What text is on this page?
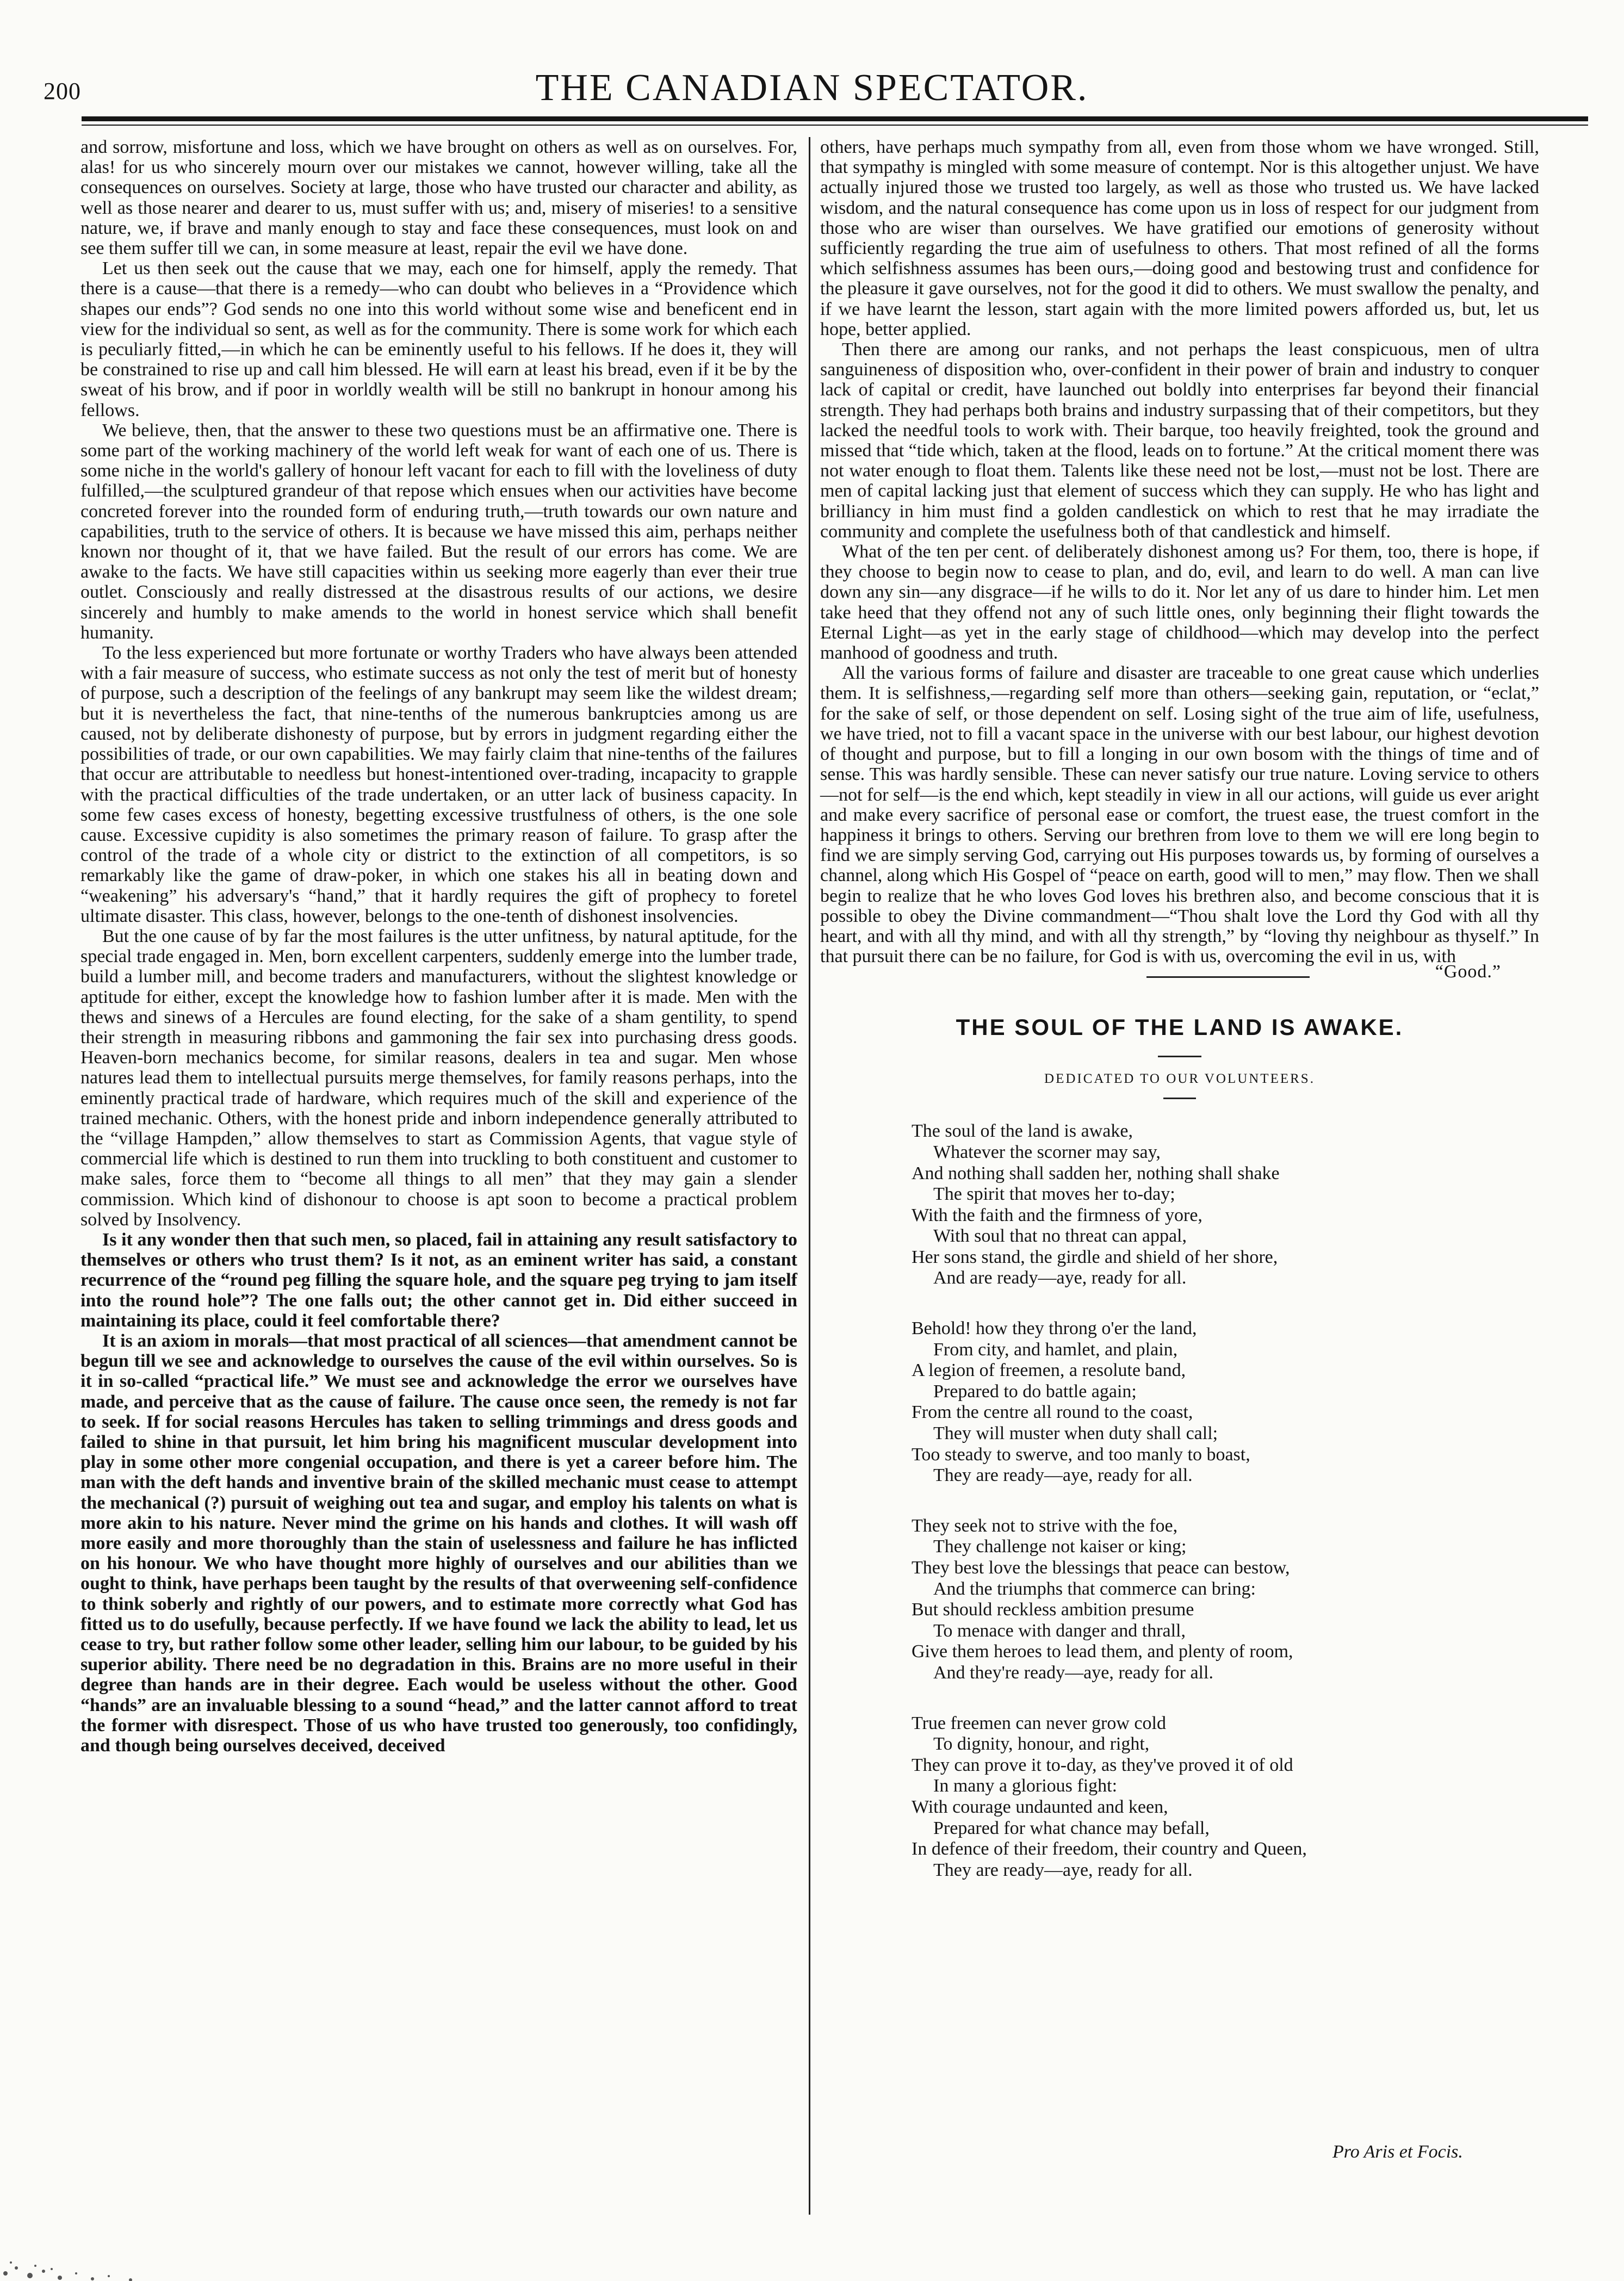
200	THE CANADIAN SPECTATOR.

and sorrow, misfortune and loss, which we have brought on others as well as on ourselves. For, alas! for us who sincerely mourn over our mistakes we cannot, however willing, take all the consequences on ourselves. Society at large, those who have trusted our character and ability, as well as those nearer and dearer to us, must suffer with us; and, misery of miseries! to a sensitive nature, we, if brave and manly enough to stay and face these consequences, must look on and see them suffer till we can, in some measure at least, repair the evil we have done.

Let us then seek out the cause that we may, each one for himself, apply the remedy. That there is a cause—that there is a remedy—who can doubt who believes in a “Providence which shapes our ends”? God sends no one into this world without some wise and beneficent end in view for the individual so sent, as well as for the community. There is some work for which each is peculiarly fitted,—in which he can be eminently useful to his fellows. If he does it, they will be constrained to rise up and call him blessed. He will earn at least his bread, even if it be by the sweat of his brow, and if poor in worldly wealth will be still no bankrupt in honour among his fellows.

We believe, then, that the answer to these two questions must be an affirmative one. There is some part of the working machinery of the world left weak for want of each one of us. There is some niche in the world's gallery of honour left vacant for each to fill with the loveliness of duty fulfilled,—the sculptured grandeur of that repose which ensues when our activities have become concreted forever into the rounded form of enduring truth,—truth towards our own nature and capabilities, truth to the service of others. It is because we have missed this aim, perhaps neither known nor thought of it, that we have failed. But the result of our errors has come. We are awake to the facts. We have still capacities within us seeking more eagerly than ever their true outlet. Consciously and really distressed at the disastrous results of our actions, we desire sincerely and humbly to make amends to the world in honest service which shall benefit humanity.

To the less experienced but more fortunate or worthy Traders who have always been attended with a fair measure of success, who estimate success as not only the test of merit but of honesty of purpose, such a description of the feelings of any bankrupt may seem like the wildest dream; but it is nevertheless the fact, that nine-tenths of the numerous bankruptcies among us are caused, not by deliberate dishonesty of purpose, but by errors in judgment regarding either the possibilities of trade, or our own capabilities. We may fairly claim that nine-tenths of the failures that occur are attributable to needless but honest-intentioned over-trading, incapacity to grapple with the practical difficulties of the trade undertaken, or an utter lack of business capacity. In some few cases excess of honesty, begetting excessive trustfulness of others, is the one sole cause. Excessive cupidity is also sometimes the primary reason of failure. To grasp after the control of the trade of a whole city or district to the extinction of all competitors, is so remarkably like the game of draw-poker, in which one stakes his all in beating down and “weakening” his adversary's “hand,” that it hardly requires the gift of prophecy to foretel ultimate disaster. This class, however, belongs to the one-tenth of dishonest insolvencies.

But the one cause of by far the most failures is the utter unfitness, by natural aptitude, for the special trade engaged in. Men, born excellent carpenters, suddenly emerge into the lumber trade, build a lumber mill, and become traders and manufacturers, without the slightest knowledge or aptitude for either, except the knowledge how to fashion lumber after it is made. Men with the thews and sinews of a Hercules are found electing, for the sake of a sham gentility, to spend their strength in measuring ribbons and gammoning the fair sex into purchasing dress goods. Heaven-born mechanics become, for similar reasons, dealers in tea and sugar. Men whose natures lead them to intellectual pursuits merge themselves, for family reasons perhaps, into the eminently practical trade of hardware, which requires much of the skill and experience of the trained mechanic. Others, with the honest pride and inborn independence generally attributed to the “village Hampden,” allow themselves to start as Commission Agents, that vague style of commercial life which is destined to run them into truckling to both constituent and customer to make sales, force them to “become all things to all men” that they may gain a slender commission. Which kind of dishonour to choose is apt soon to become a practical problem solved by Insolvency.

Is it any wonder then that such men, so placed, fail in attaining any result satisfactory to themselves or others who trust them? Is it not, as an eminent writer has said, a constant recurrence of the “round peg filling the square hole, and the square peg trying to jam itself into the round hole”? The one falls out; the other cannot get in. Did either succeed in maintaining its place, could it feel comfortable there?

It is an axiom in morals—that most practical of all sciences—that amendment cannot be begun till we see and acknowledge to ourselves the cause of the evil within ourselves. So is it in so-called “practical life.” We must see and acknowledge the error we ourselves have made, and perceive that as the cause of failure. The cause once seen, the remedy is not far to seek. If for social reasons Hercules has taken to selling trimmings and dress goods and failed to shine in that pursuit, let him bring his magnificent muscular development into play in some other more congenial occupation, and there is yet a career before him. The man with the deft hands and inventive brain of the skilled mechanic must cease to attempt the mechanical (?) pursuit of weighing out tea and sugar, and employ his talents on what is more akin to his nature. Never mind the grime on his hands and clothes. It will wash off more easily and more thoroughly than the stain of uselessness and failure he has inflicted on his honour. We who have thought more highly of ourselves and our abilities than we ought to think, have perhaps been taught by the results of that overweening self-confidence to think soberly and rightly of our powers, and to estimate more correctly what God has fitted us to do usefully, because perfectly. If we have found we lack the ability to lead, let us cease to try, but rather follow some other leader, selling him our labour, to be guided by his superior ability. There need be no degradation in this. Brains are no more useful in their degree than hands are in their degree. Each would be useless without the other. Good “hands” are an invaluable blessing to a sound “head,” and the latter cannot afford to treat the former with disrespect. Those of us who have trusted too generously, too confidingly, and though being ourselves deceived, deceived

others, have perhaps much sympathy from all, even from those whom we have wronged. Still, that sympathy is mingled with some measure of contempt. Nor is this altogether unjust. We have actually injured those we trusted too largely, as well as those who trusted us. We have lacked wisdom, and the natural consequence has come upon us in loss of respect for our judgment from those who are wiser than ourselves. We have gratified our emotions of generosity without sufficiently regarding the true aim of usefulness to others. That most refined of all the forms which selfishness assumes has been ours,—doing good and bestowing trust and confidence for the pleasure it gave ourselves, not for the good it did to others. We must swallow the penalty, and if we have learnt the lesson, start again with the more limited powers afforded us, but, let us hope, better applied.

Then there are among our ranks, and not perhaps the least conspicuous, men of ultra sanguineness of disposition who, over-confident in their power of brain and industry to conquer lack of capital or credit, have launched out boldly into enterprises far beyond their financial strength. They had perhaps both brains and industry surpassing that of their competitors, but they lacked the needful tools to work with. Their barque, too heavily freighted, took the ground and missed that “tide which, taken at the flood, leads on to fortune.” At the critical moment there was not water enough to float them. Talents like these need not be lost,—must not be lost. There are men of capital lacking just that element of success which they can supply. He who has light and brilliancy in him must find a golden candlestick on which to rest that he may irradiate the community and complete the usefulness both of that candlestick and himself.

What of the ten per cent. of deliberately dishonest among us? For them, too, there is hope, if they choose to begin now to cease to plan, and do, evil, and learn to do well. A man can live down any sin—any disgrace—if he wills to do it. Nor let any of us dare to hinder him. Let men take heed that they offend not any of such little ones, only beginning their flight towards the Eternal Light—as yet in the early stage of childhood—which may develop into the perfect manhood of goodness and truth.

All the various forms of failure and disaster are traceable to one great cause which underlies them. It is selfishness,—regarding self more than others—seeking gain, reputation, or “eclat,” for the sake of self, or those dependent on self. Losing sight of the true aim of life, usefulness, we have tried, not to fill a vacant space in the universe with our best labour, our highest devotion of thought and purpose, but to fill a longing in our own bosom with the things of time and of sense. This was hardly sensible. These can never satisfy our true nature. Loving service to others—not for self—is the end which, kept steadily in view in all our actions, will guide us ever aright and make every sacrifice of personal ease or comfort, the truest ease, the truest comfort in the happiness it brings to others. Serving our brethren from love to them we will ere long begin to find we are simply serving God, carrying out His purposes towards us, by forming of ourselves a channel, along which His Gospel of “peace on earth, good will to men,” may flow. Then we shall begin to realize that he who loves God loves his brethren also, and become conscious that it is possible to obey the Divine commandment—“Thou shalt love the Lord thy God with all thy heart, and with all thy mind, and with all thy strength,” by “loving thy neighbour as thyself.” In that pursuit there can be no failure, for God is with us, overcoming the evil in us, with

“Good.”

THE SOUL OF THE LAND IS AWAKE.

DEDICATED TO OUR VOLUNTEERS.

The soul of the land is awake,
Whatever the scorner may say,
And nothing shall sadden her, nothing shall shake
The spirit that moves her to-day;
With the faith and the firmness of yore,
With soul that no threat can appal,
Her sons stand, the girdle and shield of her shore,
And are ready—aye, ready for all.
Behold! how they throng o'er the land,
From city, and hamlet, and plain,
A legion of freemen, a resolute band,
Prepared to do battle again;
From the centre all round to the coast,
They will muster when duty shall call;
Too steady to swerve, and too manly to boast,
They are ready—aye, ready for all.
They seek not to strive with the foe,
They challenge not kaiser or king;
They best love the blessings that peace can bestow,
And the triumphs that commerce can bring:
But should reckless ambition presume
To menace with danger and thrall,
Give them heroes to lead them, and plenty of room,
And they're ready—aye, ready for all.
True freemen can never grow cold
To dignity, honour, and right,
They can prove it to-day, as they've proved it of old
In many a glorious fight:
With courage undaunted and keen,
Prepared for what chance may befall,
In defence of their freedom, their country and Queen,
They are ready—aye, ready for all.
Pro Aris et Focis.
